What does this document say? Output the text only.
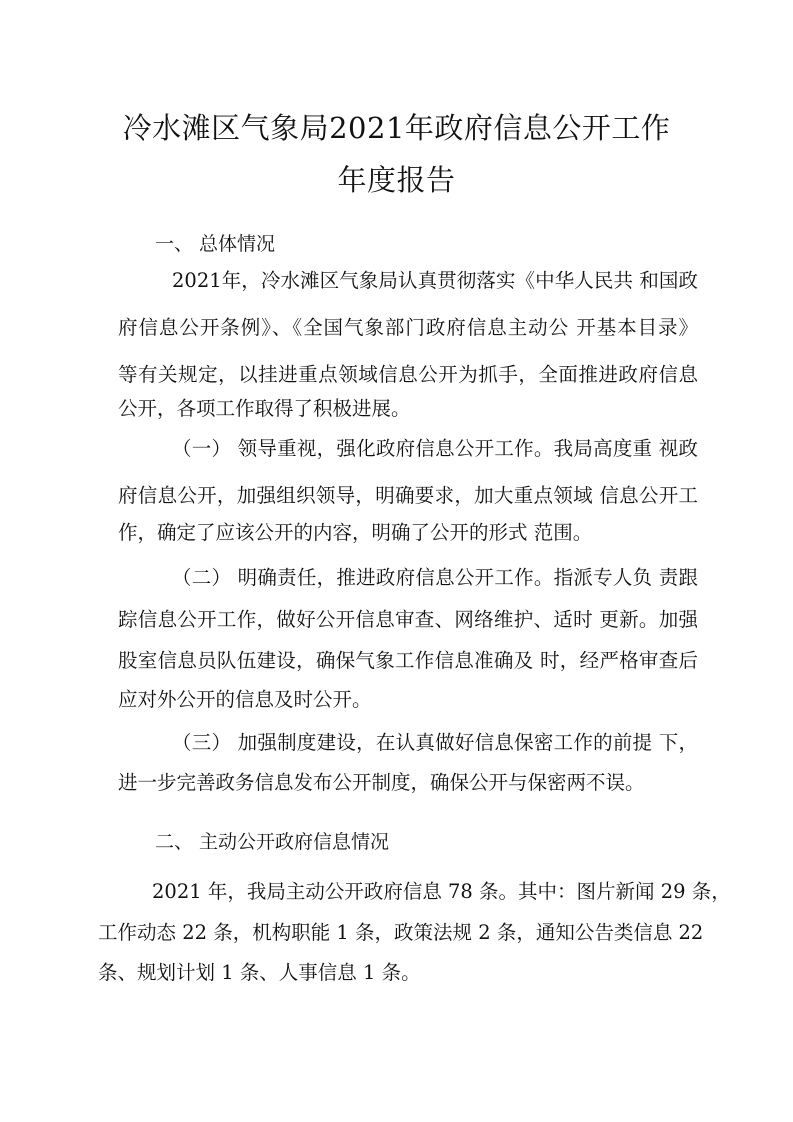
冷水滩区气象局2021年政府信息公开工作
年度报告
一、 总体情况
2021年，冷水滩区气象局认真贯彻落实《中华人民共 和国政
府信息公开条例》、《全国气象部门政府信息主动公 开基本目录》
等有关规定，以挂进重点领域信息公开为抓手，全面推进政府信息
公开，各项工作取得了积极进展。
（一） 领导重视，强化政府信息公开工作。我局高度重 视政
府信息公开，加强组织领导，明确要求，加大重点领域 信息公开工
作，确定了应该公开的内容，明确了公开的形式 范围。
（二） 明确责任，推进政府信息公开工作。指派专人负 责跟
踪信息公开工作，做好公开信息审查、网络维护、适时 更新。加强
股室信息员队伍建设，确保气象工作信息准确及 时，经严格审查后
应对外公开的信息及时公开。
（三） 加强制度建设，在认真做好信息保密工作的前提 下，
进一步完善政务信息发布公开制度，确保公开与保密两不误。
二、 主动公开政府信息情况
2021 年，我局主动公开政府信息 78 条。其中：图片新闻 29 条，
工作动态 22 条，机构职能 1 条，政策法规 2 条，通知公告类信息 22
条、规划计划 1 条、人事信息 1 条。
